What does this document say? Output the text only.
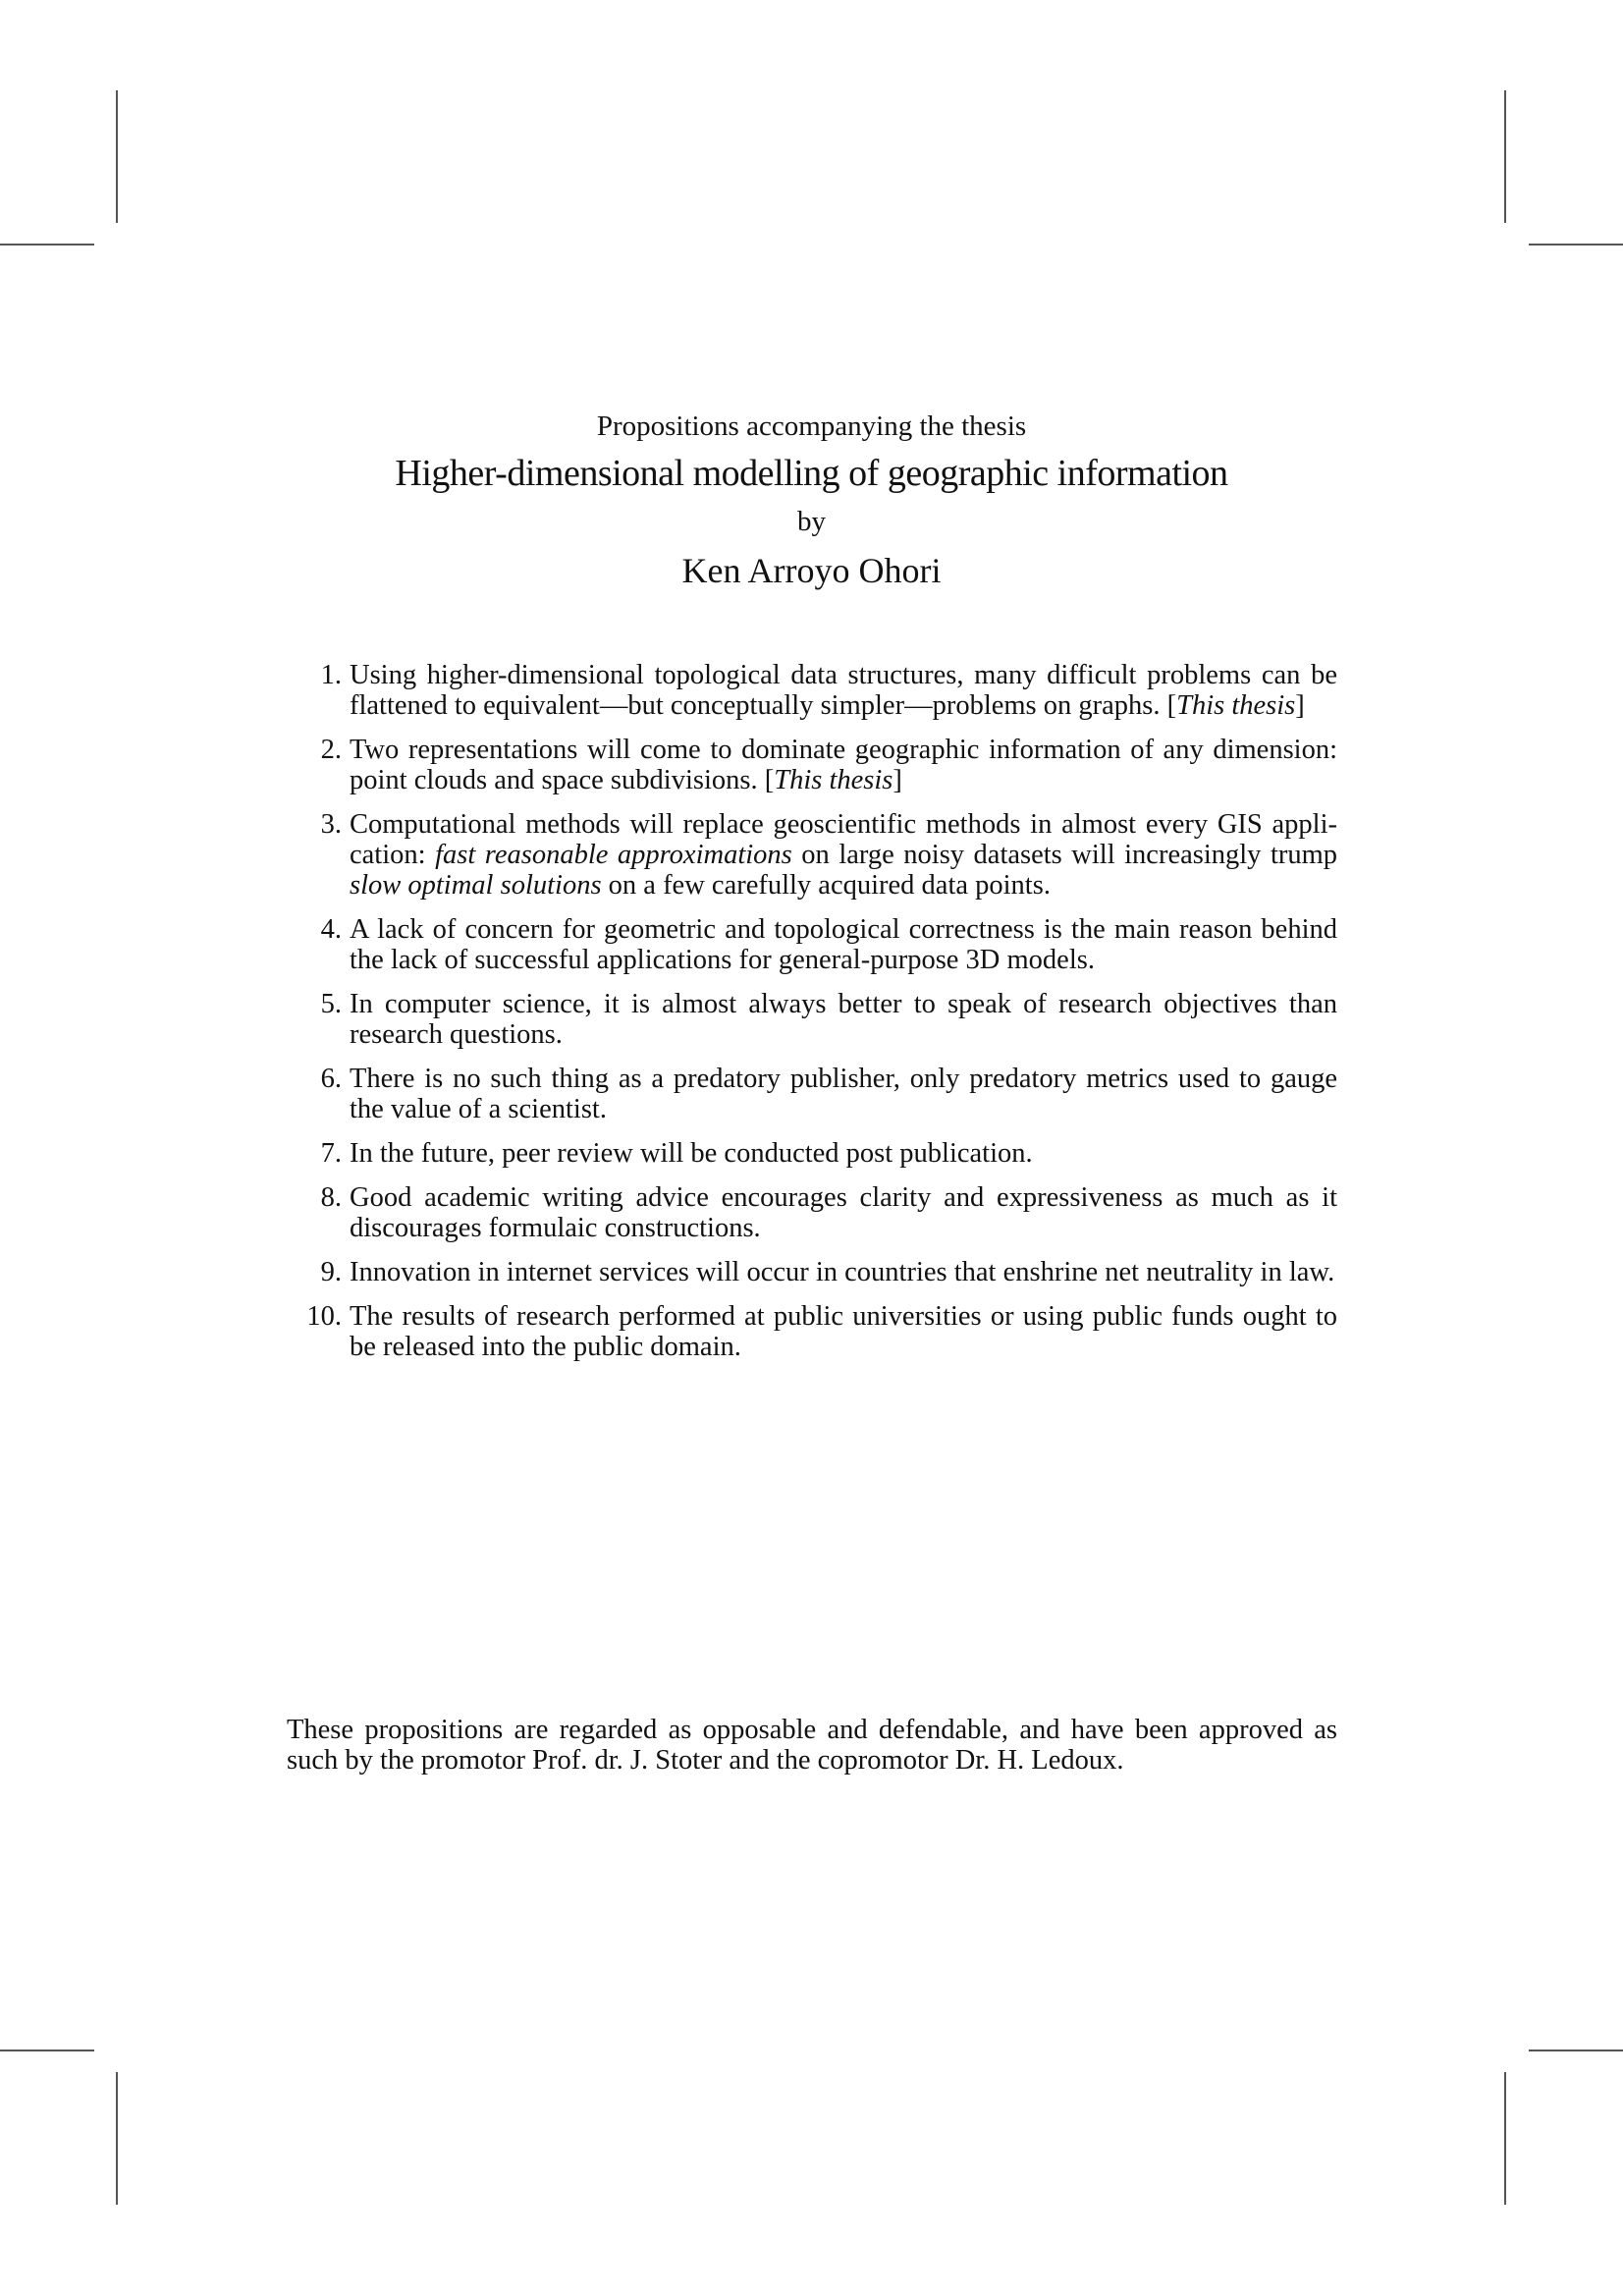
Propositions accompanying the thesis
Higher-dimensional modelling of geographic information
by
Ken Arroyo Ohori
1. Using higher-dimensional topological data structures, many difficult problems can be flattened to equivalent—but conceptually simpler—problems on graphs. [This thesis]
2. Two representations will come to dominate geographic information of any dimension: point clouds and space subdivisions. [This thesis]
3. Computational methods will replace geoscientific methods in almost every GIS application: fast reasonable approximations on large noisy datasets will increasingly trump slow optimal solutions on a few carefully acquired data points.
4. A lack of concern for geometric and topological correctness is the main reason behind the lack of successful applications for general-purpose 3D models.
5. In computer science, it is almost always better to speak of research objectives than research questions.
6. There is no such thing as a predatory publisher, only predatory metrics used to gauge the value of a scientist.
7. In the future, peer review will be conducted post publication.
8. Good academic writing advice encourages clarity and expressiveness as much as it discourages formulaic constructions.
9. Innovation in internet services will occur in countries that enshrine net neutrality in law.
10. The results of research performed at public universities or using public funds ought to be released into the public domain.

These propositions are regarded as opposable and defendable, and have been approved as such by the promotor Prof. dr. J. Stoter and the copromotor Dr. H. Ledoux.
